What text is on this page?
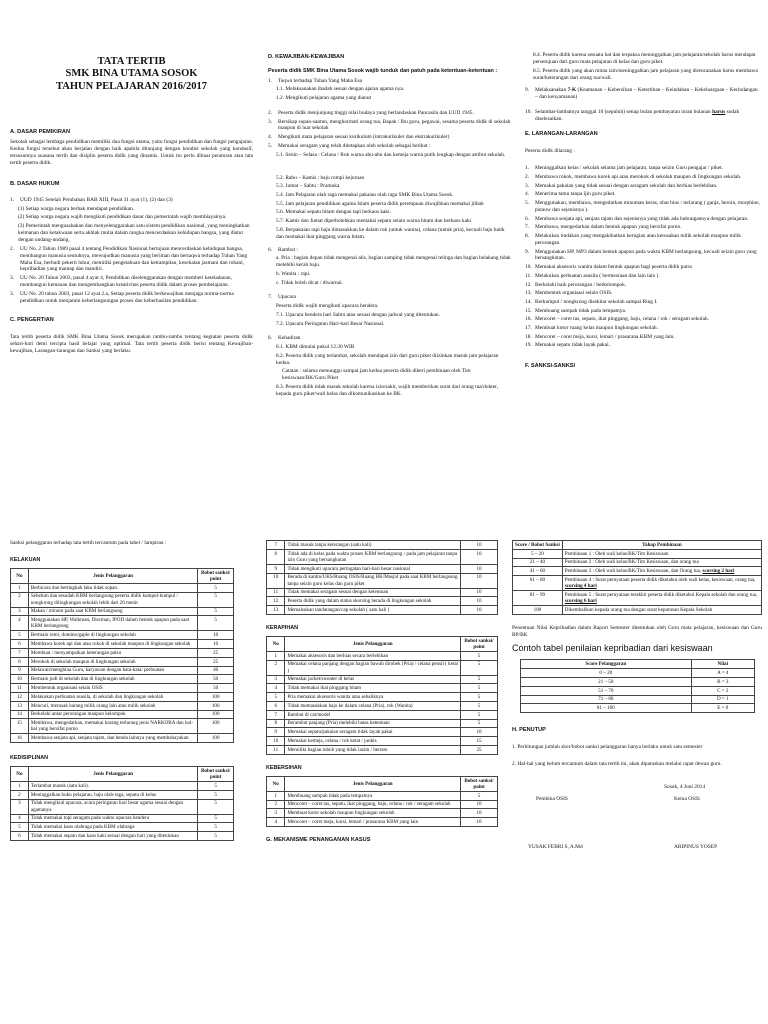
TATA TERTIB

SMK BINA UTAMA SOSOK

TAHUN PELAJARAN 2016/2017

A. DASAR PEMIKIRAN

Sekolah sebagai lembaga pendidikan memiliki dua fungsi utama, yaitu fungsi pendidikan dan fungsi pengajaran. Kedua fungsi tersebut akan berjalan dengan baik apabila ditunjang dengan kondisi sekolah yang kondusif, tersusunnya suasana tertib dan disiplin peserta didik yang dinamis. Untuk itu perlu dibuat peraturan atau tata tertib peserta didik.

B. DASAR HUKUM
1.	UUD 1945 Setelah Perubahan BAB XIII, Pasal 31 ayat (1), (2) dan (3)
(1) Setiap warga negara berhak mendapat pendidikan.
(2) Setiap warga negara wajib mengikuti pendidikan dasar dan pemerintah wajib membiayainya.
(3) Pemerintah mengusahakan dan menyelenggarakan satu sistem pendidikan nasional, yang meningkatkan keimanan dan ketakwaan serta akhlak mulia dalam rangka mencerdaskan kehidupan bangsa, yang diatur dengan undang-undang.
2.	UU No. 2 Tahun 1989 pasal 4 tentang Pendidikan Nasional bertujuan mencerdaskan kehidupan bangsa, membangun manusia seutuhnya, mewujudkan manusia yang beriman dan bertaqwa terhadap Tuhan Yang Maha Esa, berbudi pekerti luhur, memiliki pengetahuan dan ketrampilan, kesehatan jasmani dan rohani, kepribadian yang mantap dan mandiri.
3.	UU No. 20 Tahun 2003, pasal 4 ayat 4, Pendidikan diselenggarakan dengan memberi keteladanan, membangun kemauan dan mengembangkan kreativitas peserta didik dalam proses pembelajaran.
3.	UU No. 20 tahun 2003, pasal 12 ayat 2.a, Setiap peserta didik berkewajiban menjaga norma-norma pendidikan untuk menjamin keberlangsungan proses dan keberhasilan pendidikan.
C. PENGERTIAN

Tata tertib peserta didik SMK Bina Utama Sosok merupakan rambu-rambu tentang kegiatan peserta didik sehari-hari demi tercipta hasil belajar yang optimal. Tata tertib peserta didik berisi tentang Kewajiban-kewajiban, Larangan-larangan dan Sanksi yang berlaku.

D. KEWAJIBAN-KEWAJIBAN

Peserta didik SMK Bina Utama Sosok wajib tunduk dan patuh pada ketentuan-ketentuan :

1.	Taqwa terhadap Tuhan Yang Maha Esa
1.1. Melaksanakan ibadah sesuai dengan ajaran agama nya.
1.2. Mengikuti pelajaran agama yang dianut
2.	Peserta didik menjunjung tinggi nilai budaya yang berlandaskan Pancasila dan UUD 1945.
3.	Bersikap sopan-santun, menghormati orang tua, Bapak / Ibu guru, pegawai, sesama peserta didik di sekolah maupun di luar sekolah
4.	Mengikuti mata pelajaran sesuai kurikulum (intrakurikuler dan ekstrakurikuler)
5.	Memakai seragam yang telah ditetapkan oleh sekolah sebagai berikut :
5.1. Senin – Selasa : Celana / Rok warna abu-abu dan kemeja warna putih lengkap dengan atribut sekolah.
5.2. Rabu – Kamis : baju rompi kejuruan
5.3. Jumat – Sabtu : Pramuka
5.4. Jam Pelajaran olah raga memakai pakaian olah raga SMK Bina Utama Sosok.
5.5. Jam pelajaran pendidikan agama Islam peserta didik perempuan diwajibkan memakai jilbab
5.6. Memakai sepatu hitam dengan tapi berkaos kaki.
5.7. Kamis dan Jumat diperbolehkan memakai sepatu selain warna hitam dan berkaos kaki
5.8. Berpakaian rapi baju dimasukkan ke dalam rok (untuk wanita), celana (untuk pria), kecuali baju batik dan memakai ikat pinggang warna hitam.
6.	Rambut :
a. Pria : bagian depan tidak mengenai alis, bagian samping tidak mengenai telinga dan bagian belakang tidak melebihi kerah baju.
b. Wanita : rapi.
c. Tidak boleh dicat / diwarnai.
7.	Upacara
Peserta didik wajib mengikuti upacara bendera.
7.1. Upacara bendera hari Sabtu atau sesuai dengan jadwal yang ditentukan.
7.2. Upacara Peringatan Hari-hari Besar Nasional.
8.	Kehadiran
8.1. KBM dimulai pukul 12.30 WIB
8.2. Peserta didik yang terlambat, sekolah mendapat izin dari guru piket diizinkan masuk jam pelajaran kedua.
Catatan : selama menunggu sampai jam kedua peserta didik diberi pembinaan oleh Tim kesiswaan/BK/Guru Piket
8.3. Peserta didik tidak masuk sekolah karena izin/sakit, wajib memberikan surat dari orang tua/dokter, kepada guru piket/wali kelas dan dikomunikasikan ke BK.
8.4. Peserta didik karena sesuatu hal dan terpaksa meninggalkan jam pelajaran/sekolah harus mendapat persetujuan dari guru mata pelajaran di kelas dan guru piket.
8.5. Peserta didik yang akan minta izin/meninggalkan jam pelajaran yang direncanakan harus membawa surat/keterangan dari orang tua/wali.
9.	Melaksanakan 7-K (Keamanan – Kebersihan – Ketertiban – Keindahan – Kekeluargaan – Kerindangan – dan kenyamanan)
10. Selambat-lambatnya tanggal 10 (sepuluh) setiap bulan pembayaran iuran bulanan harus sudah diselesaikan.
E. LARANGAN-LARANGAN

Peserta didik dilarang :

1.	Meninggalkan kelas / sekolah selama jam pelajaran, tanpa seizin Guru pengajar / piket.
2.	Membawa rokok, membawa korek api atau merokok di sekolah maupun di lingkungan sekolah.
3.	Memakai pakaian yang tidak sesuai dengan seragam sekolah dan berhias berlebihan.
4.	Menerima tamu tanpa ijin guru piket.
5.	Menggunakan, membawa, mengedarkan minuman keras, obat bius / terlarang ( ganja, heroin, morphine, putauw dan sejenisnya ).
6.	Membawa senjata api, senjata tajam dan sejenisnya yang tidak ada hubungannya dengan pelajaran.
7.	Membawa, mengedarkan dalam bentuk apapun yang bersifat porno.
8.	Melakukan tindakan yang mengakibatkan kerugian atau kerusakan milik sekolah maupun milik perorangan.
9.	Menggunakan HP, MP3 dalam bentuk apapun pada waktu KBM berlangsung, kecuali seizin guru yang bersangkutan.
10. Memakai aksesoris wanita dalam bentuk apapun bagi peserta didik putra
11. Melakukan perbuatan asusila ( bermesraan dan lain lain ).
12. Berkelahi baik perorangan / berkelompok.
13. Membentuk organisasi selain OSIS.
14. Berkumpul / nongkrong disekitar sekolah sampai Ring I.
15. Membuang sampah tidak pada tempatnya.
16. Mencoret – coret tas, sepatu, ikat pinggang, baju, celana / rok / seragam sekolah.
17. Membuat kotor ruang kelas maupun lingkungan sekolah.
18. Mencoret – coret meja, kursi, lemari / prasarana KBM yang lain.
19. Memakai sepatu tidak layak pakai.
F. SANKSI-SANKSI

Sanksi pelanggaran terhadap tata tertib tercantum pada tabel / lampiran :

KELAKUAN
No	Jenis Pelanggaran	Bobot sanksi/ point
1	Berbicara dan bertingkah laku tidak sopan.	5
2	Sebelum dan sesudah KBM berlangsung peserta didik kumpul-kumpul / nongkrong dilingkungan sekolah lebih dari 20 menit	5
3	Makan / minum pada saat KBM berlangsung	5
4	Menggunakan HP, Walkman, Discman, IPOD dalam bentuk apapun pada saat KBM berlangsung	5
5	Bermain remi, domino/gaple di lingkungan sekolah	10
6	Membawa korek api dan atau rokok di sekolah maupun di lingkungan sekolah	10
7	Membuat / menyampaikan keterangan palsu	25
8	Merokok di sekolah maupun di lingkungan sekolah	25
9	Melawan/menghina Guru, karyawan dengan kata-kata/ perbuatan	40
10	Bermain judi di sekolah dan di lingkungan sekolah	50
11	Membentuk organisasi selain OSIS	50
12	Melakukan perbuatan asusila, di sekolah dan lingkungan sekolah	100
13	Mencuri, merusak barang milik orang lain atau milik sekolah	100
14	Berkelahi antar perorangan maupun kelompok	100
15	Membawa, mengedarkan, memakai barang terlarang jenis NARKOBA dan hal-hal yang bersifat porno	100
16	Membawa senjata api, senjata tajam, dan benda lainnya yang membahayakan	100
KEDISIPLINAN
No	Jenis Pelanggaran	Bobot sanksi/ point
1	Terlambat masuk (satu kali).	5
2	Meninggalkan buku pelajaran, baju olah-raga, sepatu di kelas	5
3	Tidak mengikuti upacara, acara peringatan hari besar agama sesuai dengan agamanya	5
4	Tidak memakai topi seragam pada waktu upacara bendera	5
5	Tidak memakai kaos olahraga pada KBM olahraga	5
6	Tidak memakai sepatu dan kaos kaki sesuai dengan hari yang ditentukan	5
7	Tidak masuk tanpa keterangan (satu kali)	10
8	Tidak ada di kelas pada waktu proses KBM berlangsung / pada jam pelajaran tanpa izin Guru yang bersangkutan	10
9	Tidak mengikuti upacara peringatan hari-hari besar nasional	10
10	Berada di kantin/UKS/Ruang OSIS/Ruang BK/Masjid pada saat KBM berlangsung tanpa seizin guru kelas dan guru piket	10
11	Tidak memakai seragam sesuai dengan ketentuan	10
12	Peserta didik yang dalam status skorsing berada di lingkungan sekolah	10
13	Memalsukan tandatangan/cap sekolah ( satu kali )	10
KERAPIHAN
No	Jenis Pelanggaran	Bobot sanksi/ point
1	Memakai aksesoris dan berhias secara berlebihan	5
2	Memakai celana panjang dengan bagian bawah dirobek (Pria) / celana pensil ( ketat )	5
3	Memakai jacket/sweater di kelas	5
4	Tidak memakai ikat pinggang hitam	5
5	Pria memakai aksesoris wanita atau sebaliknya	5
6	Tidak memasukkan baju ke dalam celana (Pria), rok (Wanita)	5
7	Rambut di cat/model	5
8	Berambut panjang (Pria) melebihi batas ketentuan	5
9	Memakai sepatu/pakaian seragam tidak layak pakai	10
10	Memakai kemeja, celana / rok ketat / junkis	15
11	Memiliki bagian tubuh yang tidak lazim / bertato	25
KEBERSIHAN
No	Jenis Pelanggaran	Bobot sanksi/ point
1	Membuang sampah tidak pada tempatnya	5
2	Mencoret – coret tas, sepatu, ikat pinggang, baju, celana / rok / seragam sekolah	10
3	Membuat kotor sekolah maupun lingkungan sekolah	10
4	Mencoret – coret meja, kursi, lemari / prasarana KBM yang lain	10
G. MEKANISME PENANGANAN KASUS
Score / Bobot Sanksi	Tahap Pembinaan
5 – 20	Pembinaan 1 : Oleh wali kelas/BK/Tim Kesiswaan
21 – 40	Pembinaan 2 : Oleh wali kelas/BK/Tim Kesiswaan, dan orang tua
41 – 60	Pembinaan 3 : Oleh wali kelas/BK/Tim Kesiswaan, dan Orang tua, scorsing 2 hari
61 – 80	Pembinaan 4 : Surat pernyataan peserta didik diketahui oleh wali kelas, kesiswaan, orang tua, scorsing 4 hari
81 – 99	Pembinaan 5 : Surat pernyataan terakhir peserta didik diketahui Kepala sekolah dan orang tua, scorsing 6 hari
100	Dikembalikan kepada orang tua dengan surat keputusan Kepala Sekolah

Penentuan Nilai Kepribadian dalam Raport Semester ditentukan oleh Guru mata pelajaran, kesiswaan dan Guru BP/BK

Contoh tabel penilaian kepribadian dari kesiswaan
Score Pelanggaran	Nilai
0 – 20	A = 4
21 – 50	B = 3
51 – 70	C = 2
71 – 80	D = 1
81 – 100	E = 0
H. PENUTUP

1. Perhitungan jumlah skor/bobot sanksi pelanggaran hanya berlaku untuk satu semester

2. Hal-hal yang belum tercantum dalam tata tertib ini, akan dipatuskan melalui rapat dewan guru.

Sosok, 4 Juni 2014
Pembina OSIS	Ketua OSIS
YUSAK FEBRI S, A.Md	ARIPINUS YOSEP
